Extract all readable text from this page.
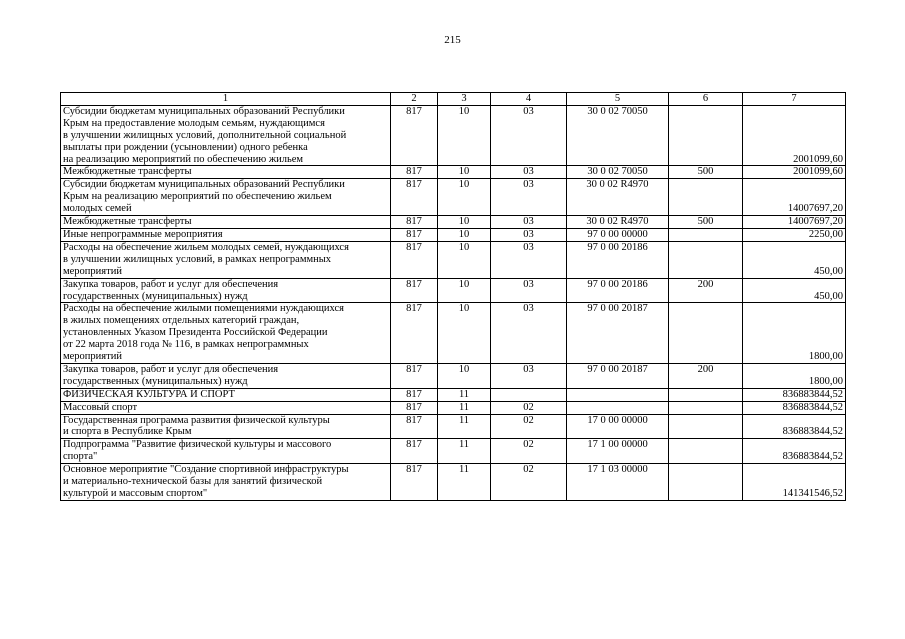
215
1	2	3	4	5	6	7

Субсидии бюджетам муниципальных образований Республики
Крым на предоставление молодым семьям, нуждающимся
в улучшении жилищных условий, дополнительной социальной
выплаты при рождении (усыновлении) одного ребенка
на реализацию мероприятий по обеспечению жильем	817	10	03	30 0 02 70050		2001099,60

Межбюджетные трансферты	817	10	03	30 0 02 70050	500	2001099,60

Субсидии бюджетам муниципальных образований Республики
Крым на реализацию мероприятий по обеспечению жильем
молодых семей	817	10	03	30 0 02 R4970		14007697,20

Межбюджетные трансферты	817	10	03	30 0 02 R4970	500	14007697,20

Иные непрограммные мероприятия	817	10	03	97 0 00 00000		2250,00

Расходы на обеспечение жильем молодых семей, нуждающихся
в улучшении жилищных условий, в рамках непрограммных
мероприятий	817	10	03	97 0 00 20186		450,00

Закупка товаров, работ и услуг для обеспечения
государственных (муниципальных) нужд	817	10	03	97 0 00 20186	200	450,00

Расходы на обеспечение жилыми помещениями нуждающихся
в жилых помещениях отдельных категорий граждан,
установленных Указом Президента Российской Федерации
от 22 марта 2018 года № 116, в рамках непрограммных
мероприятий	817	10	03	97 0 00 20187		1800,00

Закупка товаров, работ и услуг для обеспечения
государственных (муниципальных) нужд	817	10	03	97 0 00 20187	200	1800,00

ФИЗИЧЕСКАЯ КУЛЬТУРА И СПОРТ	817	11				836883844,52

Массовый спорт	817	11	02			836883844,52

Государственная программа развития физической культуры
и спорта в Республике Крым	817	11	02	17 0 00 00000		836883844,52

Подпрограмма "Развитие физической культуры и массового
спорта"	817	11	02	17 1 00 00000		836883844,52

Основное мероприятие "Создание спортивной инфраструктуры
и материально-технической базы для занятий физической
культурой и массовым спортом"	817	11	02	17 1 03 00000		141341546,52
